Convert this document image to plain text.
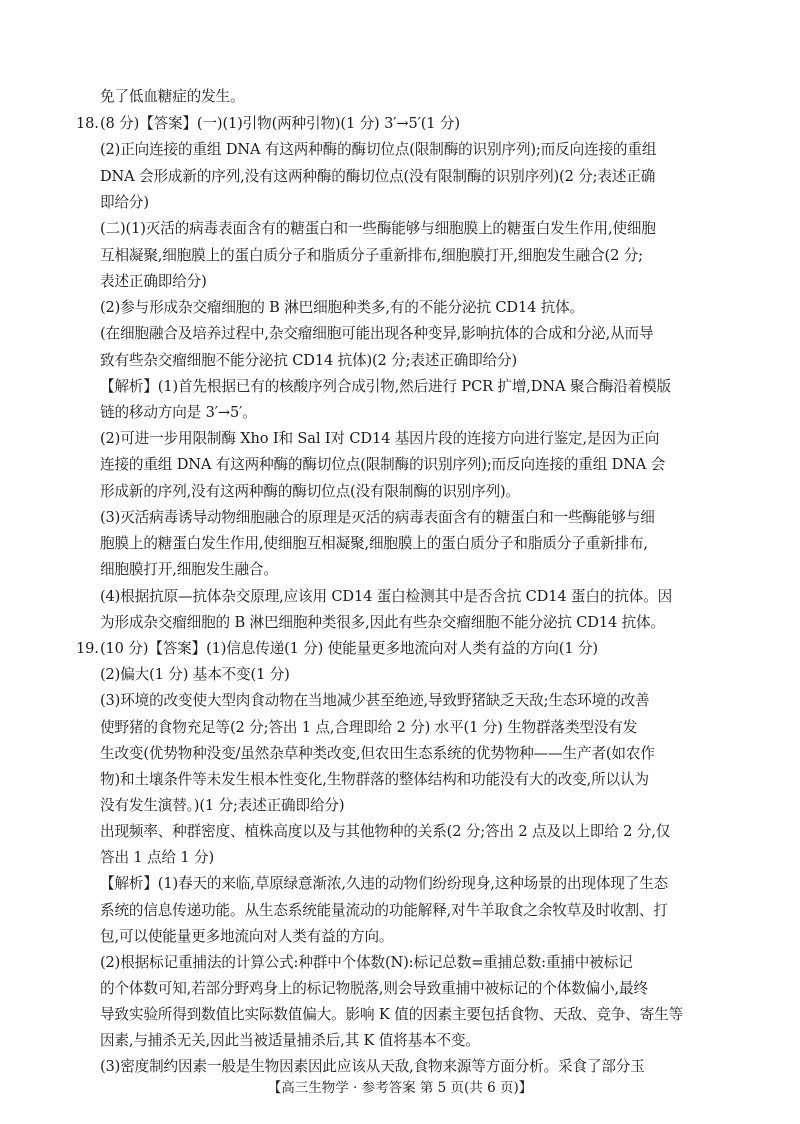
免了低血糖症的发生。
18. (8 分)【答案】(一)(1)引物(两种引物)(1 分) 3′→5′(1 分)
(2)正向连接的重组 DNA 有这两种酶的酶切位点(限制酶的识别序列);而反向连接的重组
DNA 会形成新的序列,没有这两种酶的酶切位点(没有限制酶的识别序列)(2 分;表述正确
即给分)
(二)(1)灭活的病毒表面含有的糖蛋白和一些酶能够与细胞膜上的糖蛋白发生作用,使细胞
互相凝聚,细胞膜上的蛋白质分子和脂质分子重新排布,细胞膜打开,细胞发生融合(2 分;
表述正确即给分)
(2)参与形成杂交瘤细胞的 B 淋巴细胞种类多,有的不能分泌抗 CD14 抗体。
(在细胞融合及培养过程中,杂交瘤细胞可能出现各种变异,影响抗体的合成和分泌,从而导
致有些杂交瘤细胞不能分泌抗 CD14 抗体)(2 分;表述正确即给分)
【解析】(1)首先根据已有的核酸序列合成引物,然后进行 PCR 扩增,DNA 聚合酶沿着模版
链的移动方向是 3′→5′。
(2)可进一步用限制酶 Xho Ⅰ和 Sal Ⅰ对 CD14 基因片段的连接方向进行鉴定,是因为正向
连接的重组 DNA 有这两种酶的酶切位点(限制酶的识别序列);而反向连接的重组 DNA 会
形成新的序列,没有这两种酶的酶切位点(没有限制酶的识别序列)。
(3)灭活病毒诱导动物细胞融合的原理是灭活的病毒表面含有的糖蛋白和一些酶能够与细
胞膜上的糖蛋白发生作用,使细胞互相凝聚,细胞膜上的蛋白质分子和脂质分子重新排布,
细胞膜打开,细胞发生融合。
(4)根据抗原—抗体杂交原理,应该用 CD14 蛋白检测其中是否含抗 CD14 蛋白的抗体。因
为形成杂交瘤细胞的 B 淋巴细胞种类很多,因此有些杂交瘤细胞不能分泌抗 CD14 抗体。
19. (10 分)【答案】(1)信息传递(1 分) 使能量更多地流向对人类有益的方向(1 分)
(2)偏大(1 分) 基本不变(1 分)
(3)环境的改变使大型肉食动物在当地减少甚至绝迹,导致野猪缺乏天敌;生态环境的改善
使野猪的食物充足等(2 分;答出 1 点,合理即给 2 分) 水平(1 分) 生物群落类型没有发
生改变(优势物种没变/虽然杂草种类改变,但农田生态系统的优势物种——生产者(如农作
物)和土壤条件等未发生根本性变化,生物群落的整体结构和功能没有大的改变,所以认为
没有发生演替。)(1 分;表述正确即给分)
出现频率、种群密度、植株高度以及与其他物种的关系(2 分;答出 2 点及以上即给 2 分,仅
答出 1 点给 1 分)
【解析】(1)春天的来临,草原绿意渐浓,久违的动物们纷纷现身,这种场景的出现体现了生态
系统的信息传递功能。从生态系统能量流动的功能解释,对牛羊取食之余牧草及时收割、打
包,可以使能量更多地流向对人类有益的方向。
(2)根据标记重捕法的计算公式:种群中个体数(N):标记总数=重捕总数:重捕中被标记
的个体数可知,若部分野鸡身上的标记物脱落,则会导致重捕中被标记的个体数偏小,最终
导致实验所得到数值比实际数值偏大。影响 K 值的因素主要包括食物、天敌、竞争、寄生等
因素,与捕杀无关,因此当被适量捕杀后,其 K 值将基本不变。
(3)密度制约因素一般是生物因素因此应该从天敌,食物来源等方面分析。采食了部分玉
【高三生物学 · 参考答案 第 5 页(共 6 页)】
